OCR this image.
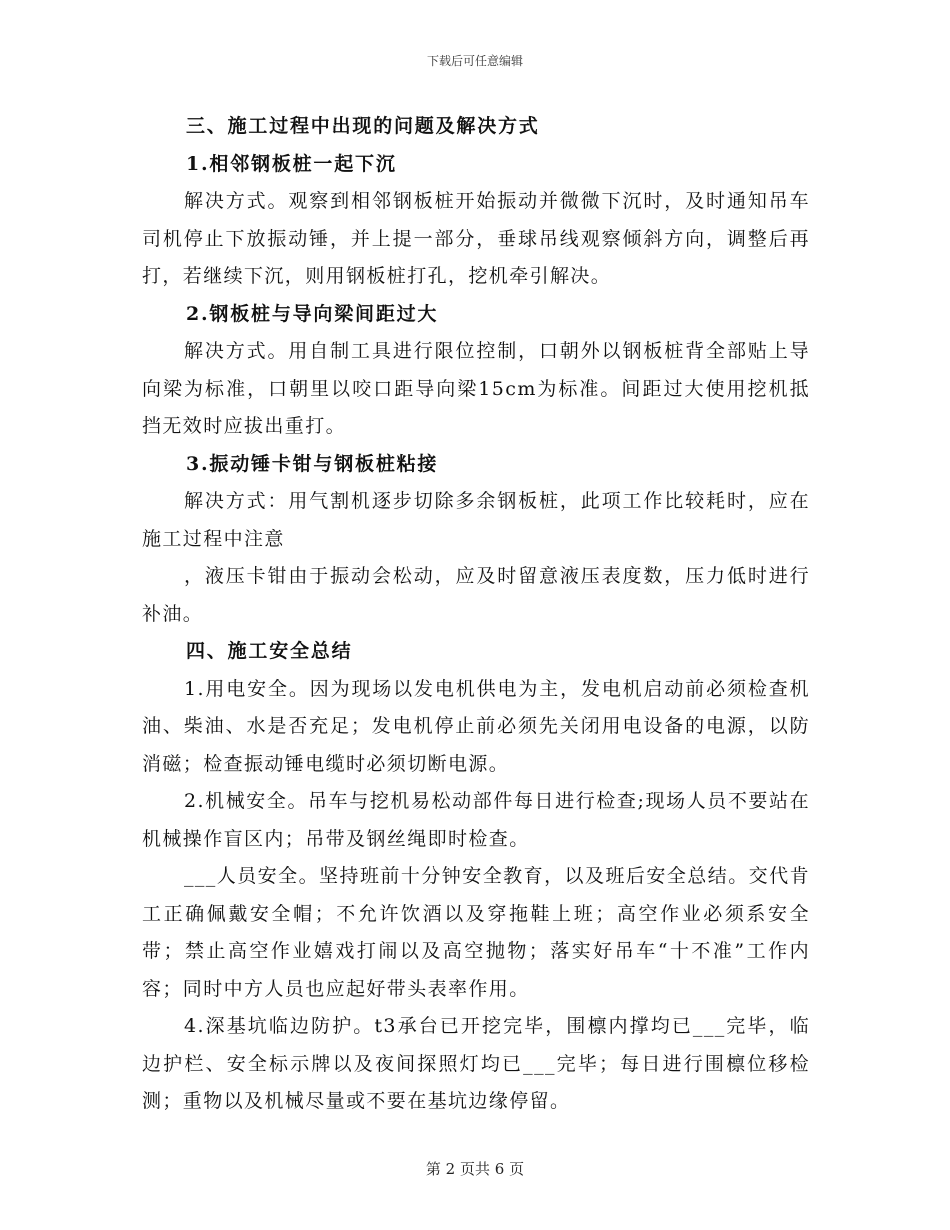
下载后可任意编辑

三、施工过程中出现的问题及解决方式

1.相邻钢板桩一起下沉

解决方式。观察到相邻钢板桩开始振动并微微下沉时，及时通知吊车司机停止下放振动锤，并上提一部分，垂球吊线观察倾斜方向，调整后再打，若继续下沉，则用钢板桩打孔，挖机牵引解决。

2.钢板桩与导向梁间距过大

解决方式。用自制工具进行限位控制，口朝外以钢板桩背全部贴上导向梁为标准，口朝里以咬口距导向梁15cm为标准。间距过大使用挖机抵挡无效时应拔出重打。

3.振动锤卡钳与钢板桩粘接

解决方式：用气割机逐步切除多余钢板桩，此项工作比较耗时，应在施工过程中注意

，液压卡钳由于振动会松动，应及时留意液压表度数，压力低时进行补油。

四、施工安全总结

1.用电安全。因为现场以发电机供电为主，发电机启动前必须检查机油、柴油、水是否充足；发电机停止前必须先关闭用电设备的电源，以防消磁；检查振动锤电缆时必须切断电源。

2.机械安全。吊车与挖机易松动部件每日进行检查;现场人员不要站在机械操作盲区内；吊带及钢丝绳即时检查。

___人员安全。坚持班前十分钟安全教育，以及班后安全总结。交代肯工正确佩戴安全帽；不允许饮酒以及穿拖鞋上班；高空作业必须系安全带；禁止高空作业嬉戏打闹以及高空抛物；落实好吊车“十不准”工作内容；同时中方人员也应起好带头表率作用。

4.深基坑临边防护。t3承台已开挖完毕，围檩内撑均已___完毕，临边护栏、安全标示牌以及夜间探照灯均已___完毕；每日进行围檩位移检测；重物以及机械尽量或不要在基坑边缘停留。

第 2 页共 6 页
